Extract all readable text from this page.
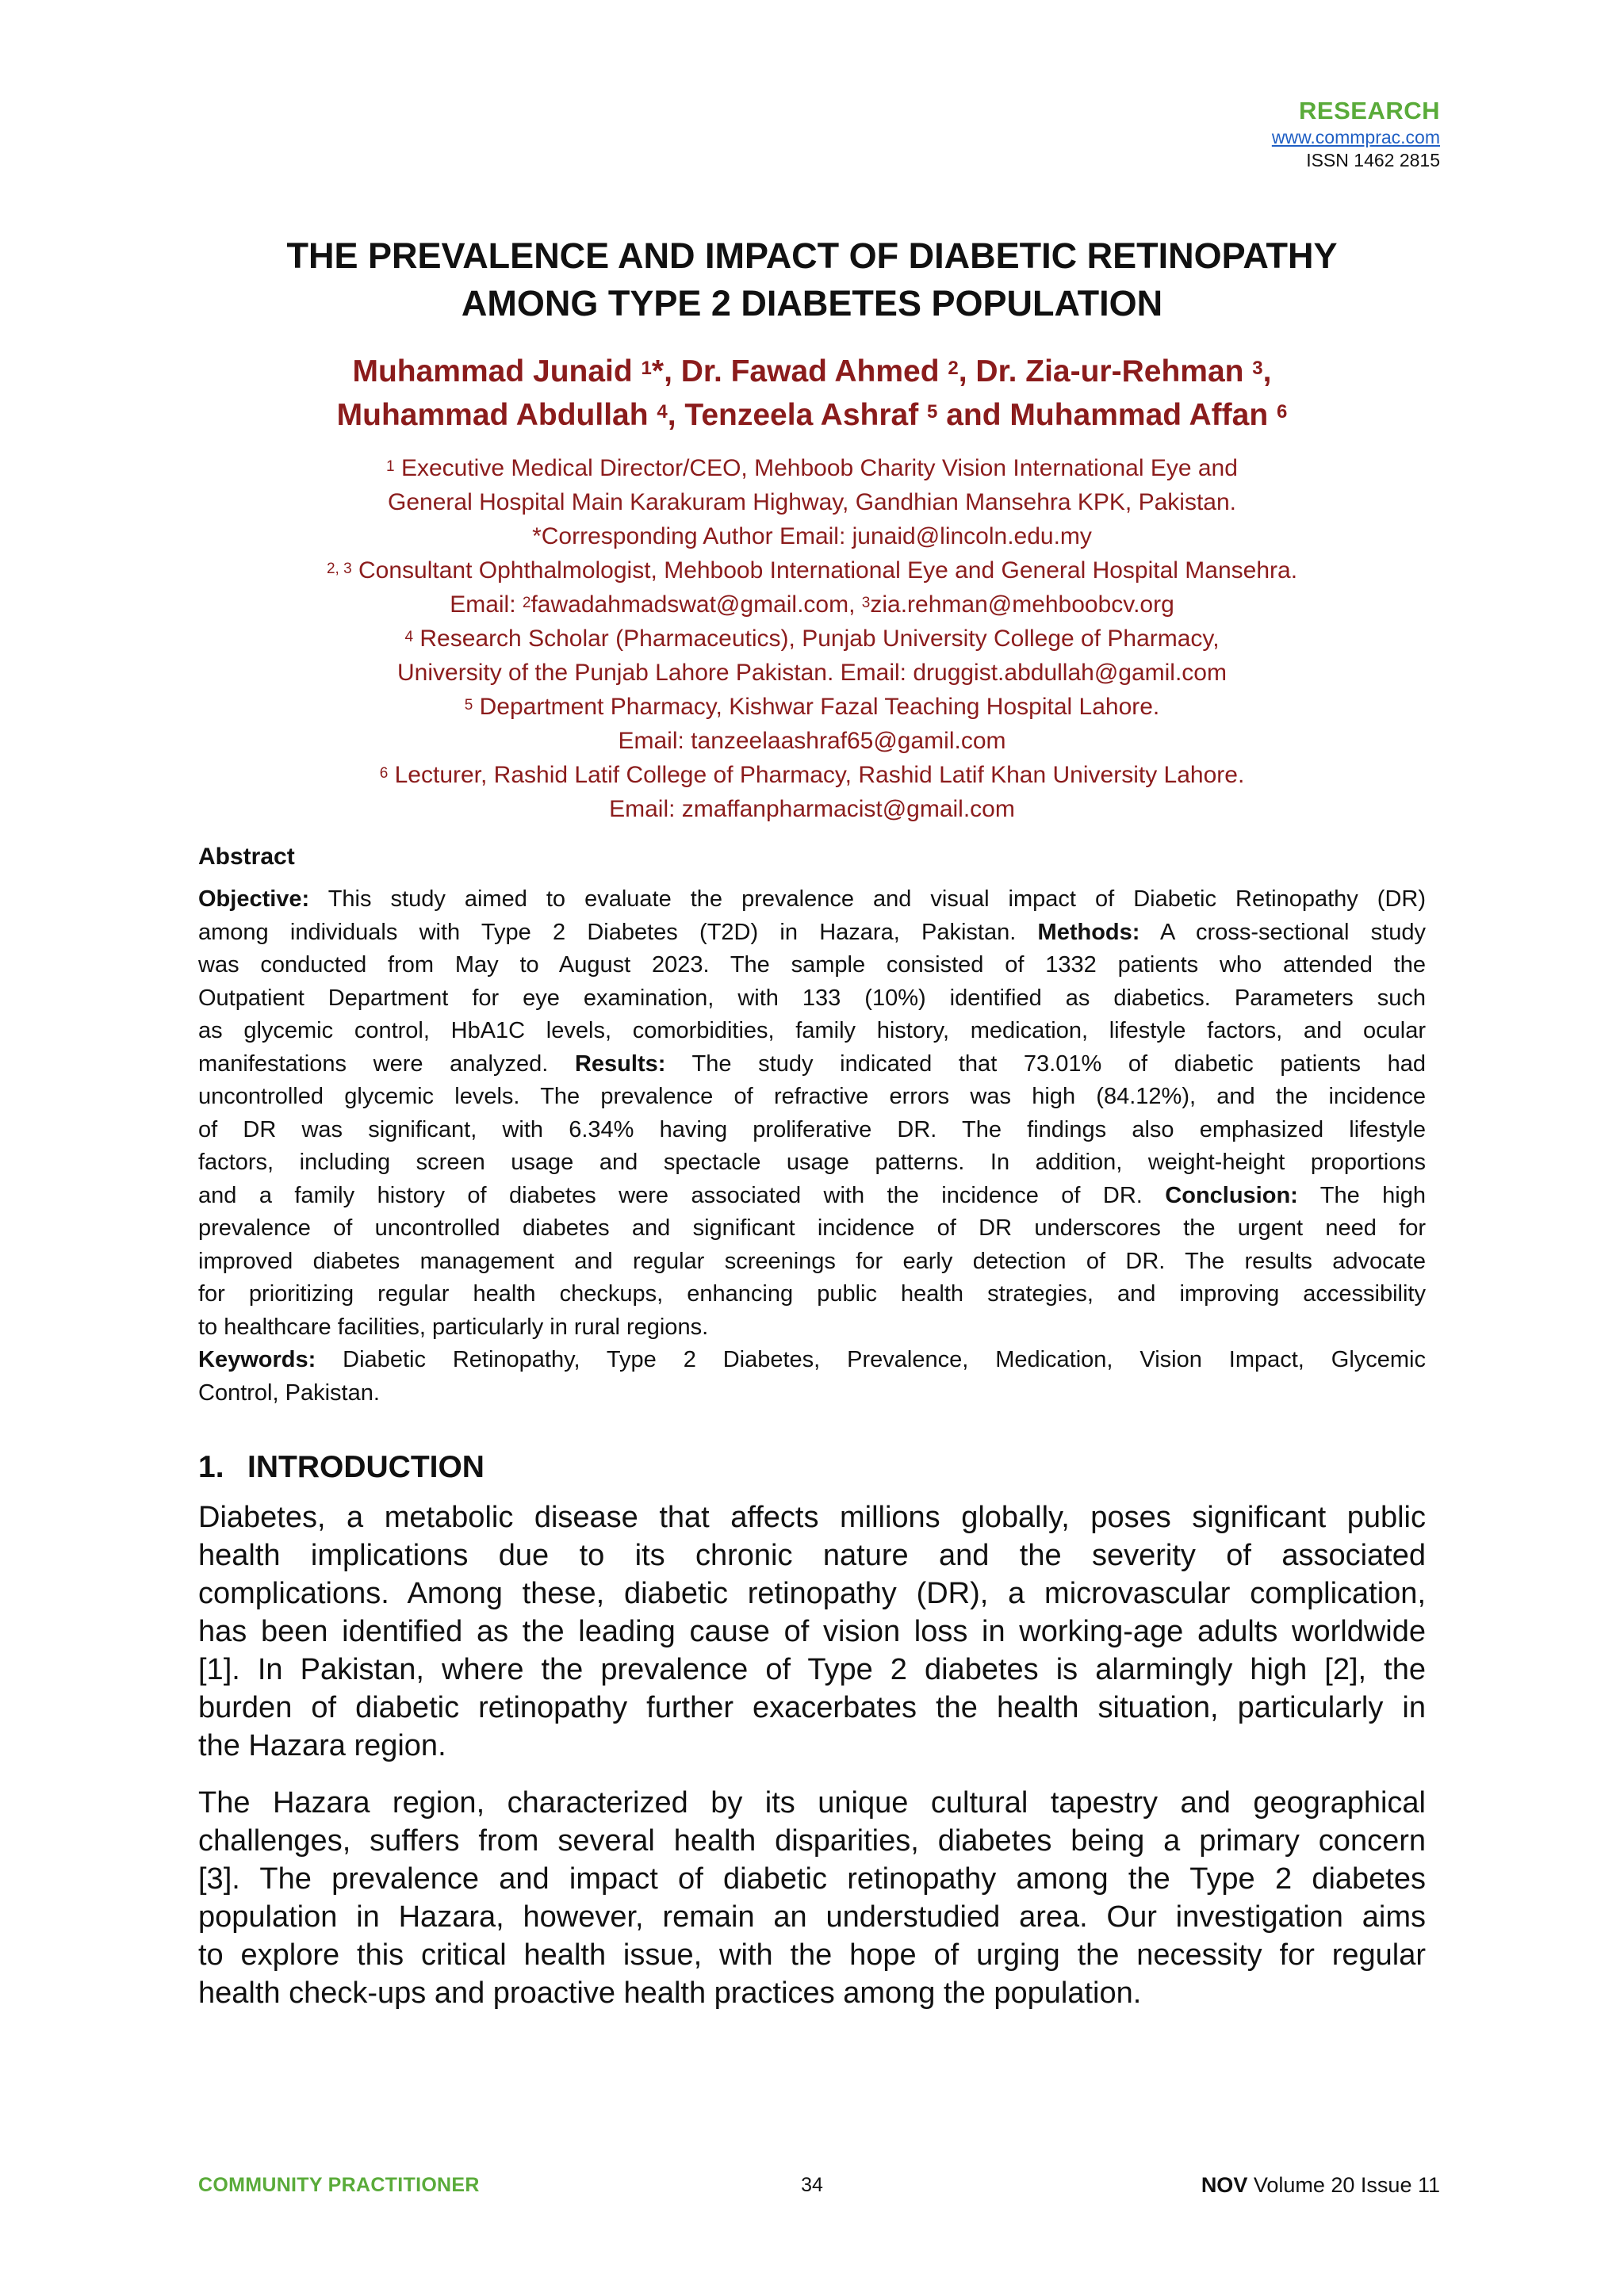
RESEARCH
www.commprac.com
ISSN 1462 2815
THE PREVALENCE AND IMPACT OF DIABETIC RETINOPATHY
AMONG TYPE 2 DIABETES POPULATION

Muhammad Junaid $^1$*, Dr. Fawad Ahmed $^2$, Dr. Zia-ur-Rehman $^3$,
Muhammad Abdullah $^4$, Tenzeela Ashraf $^5$ and Muhammad Affan $^6$

$^1$ Executive Medical Director/CEO, Mehboob Charity Vision International Eye and
General Hospital Main Karakuram Highway, Gandhian Mansehra KPK, Pakistan.
*Corresponding Author Email: junaid@lincoln.edu.my
$^{2, 3}$ Consultant Ophthalmologist, Mehboob International Eye and General Hospital Mansehra.
Email: $^2$fawadahmadswat@gmail.com, $^3$zia.rehman@mehboobcv.org
$^4$ Research Scholar (Pharmaceutics), Punjab University College of Pharmacy,
University of the Punjab Lahore Pakistan. Email: druggist.abdullah@gamil.com
$^5$ Department Pharmacy, Kishwar Fazal Teaching Hospital Lahore.
Email: tanzeelaashraf65@gamil.com
$^6$ Lecturer, Rashid Latif College of Pharmacy, Rashid Latif Khan University Lahore.
Email: zmaffanpharmacist@gmail.com
Abstract
Objective: This study aimed to evaluate the prevalence and visual impact of Diabetic Retinopathy (DR)
among individuals with Type 2 Diabetes (T2D) in Hazara, Pakistan. Methods: A cross-sectional study
was conducted from May to August 2023. The sample consisted of 1332 patients who attended the
Outpatient Department for eye examination, with 133 (10%) identified as diabetics. Parameters such
as glycemic control, HbA1C levels, comorbidities, family history, medication, lifestyle factors, and ocular
manifestations were analyzed. Results: The study indicated that 73.01% of diabetic patients had
uncontrolled glycemic levels. The prevalence of refractive errors was high (84.12%), and the incidence
of DR was significant, with 6.34% having proliferative DR. The findings also emphasized lifestyle
factors, including screen usage and spectacle usage patterns. In addition, weight-height proportions
and a family history of diabetes were associated with the incidence of DR. Conclusion: The high
prevalence of uncontrolled diabetes and significant incidence of DR underscores the urgent need for
improved diabetes management and regular screenings for early detection of DR. The results advocate
for prioritizing regular health checkups, enhancing public health strategies, and improving accessibility
to healthcare facilities, particularly in rural regions.
Keywords: Diabetic Retinopathy, Type 2 Diabetes, Prevalence, Medication, Vision Impact, Glycemic
Control, Pakistan.
1. INTRODUCTION
Diabetes, a metabolic disease that affects millions globally, poses significant public
health implications due to its chronic nature and the severity of associated
complications. Among these, diabetic retinopathy (DR), a microvascular complication,
has been identified as the leading cause of vision loss in working-age adults worldwide
[1]. In Pakistan, where the prevalence of Type 2 diabetes is alarmingly high [2], the
burden of diabetic retinopathy further exacerbates the health situation, particularly in
the Hazara region.
The Hazara region, characterized by its unique cultural tapestry and geographical
challenges, suffers from several health disparities, diabetes being a primary concern
[3]. The prevalence and impact of diabetic retinopathy among the Type 2 diabetes
population in Hazara, however, remain an understudied area. Our investigation aims
to explore this critical health issue, with the hope of urging the necessity for regular
health check-ups and proactive health practices among the population.
COMMUNITY PRACTITIONER	34	NOV Volume 20 Issue 11
